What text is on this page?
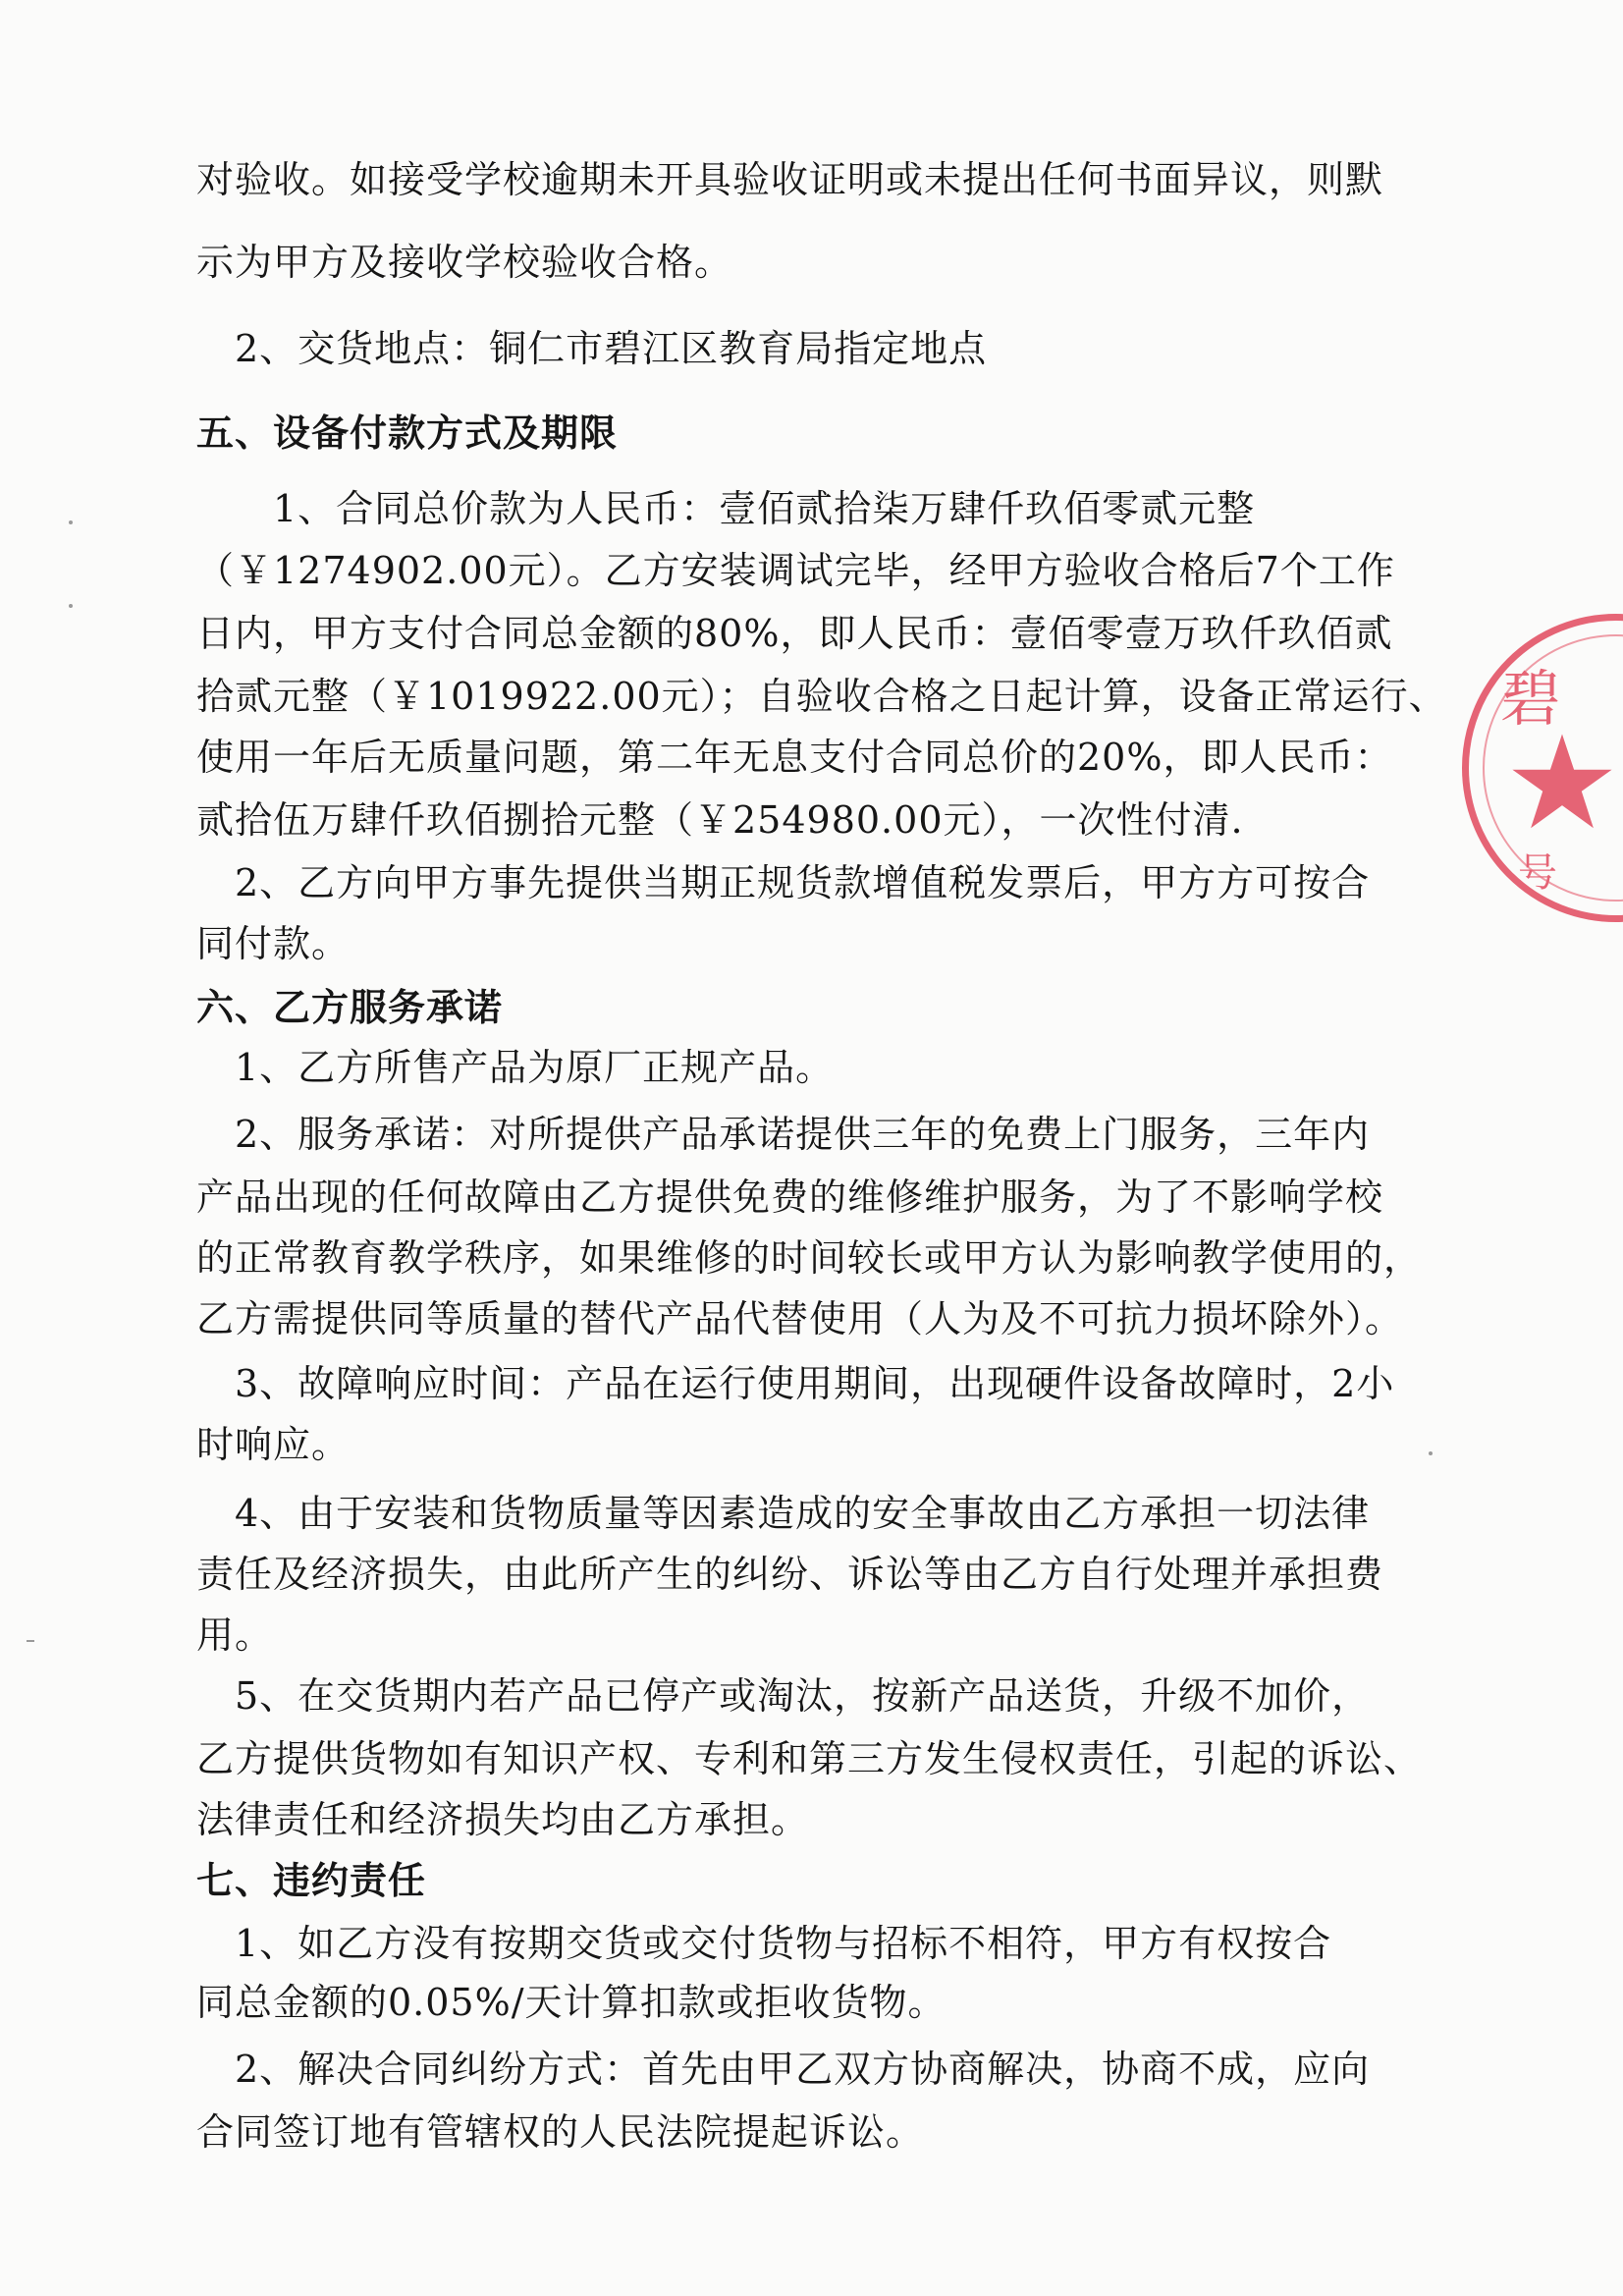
对验收。如接受学校逾期未开具验收证明或未提出任何书面异议，则默
示为甲方及接收学校验收合格。
　2、交货地点：铜仁市碧江区教育局指定地点
五、设备付款方式及期限
　　1、合同总价款为人民币：壹佰贰拾柒万肆仟玖佰零贰元整
（￥1274902.00元）。乙方安装调试完毕，经甲方验收合格后7个工作
日内，甲方支付合同总金额的80%，即人民币：壹佰零壹万玖仟玖佰贰
拾贰元整（￥1019922.00元）；自验收合格之日起计算，设备正常运行、
使用一年后无质量问题，第二年无息支付合同总价的20%，即人民币：
贰拾伍万肆仟玖佰捌拾元整（￥254980.00元），一次性付清.
　2、乙方向甲方事先提供当期正规货款增值税发票后，甲方方可按合
同付款。
六、乙方服务承诺
　1、乙方所售产品为原厂正规产品。
　2、服务承诺：对所提供产品承诺提供三年的免费上门服务，三年内
产品出现的任何故障由乙方提供免费的维修维护服务，为了不影响学校
的正常教育教学秩序，如果维修的时间较长或甲方认为影响教学使用的，
乙方需提供同等质量的替代产品代替使用（人为及不可抗力损坏除外）。
　3、故障响应时间：产品在运行使用期间，出现硬件设备故障时，2小
时响应。
　4、由于安装和货物质量等因素造成的安全事故由乙方承担一切法律
责任及经济损失，由此所产生的纠纷、诉讼等由乙方自行处理并承担费
用。
　5、在交货期内若产品已停产或淘汰，按新产品送货，升级不加价，
乙方提供货物如有知识产权、专利和第三方发生侵权责任，引起的诉讼、
法律责任和经济损失均由乙方承担。
七、违约责任
　1、如乙方没有按期交货或交付货物与招标不相符，甲方有权按合
同总金额的0.05%/天计算扣款或拒收货物。
　2、解决合同纠纷方式：首先由甲乙双方协商解决，协商不成，应向
合同签订地有管辖权的人民法院提起诉讼。
碧
号
